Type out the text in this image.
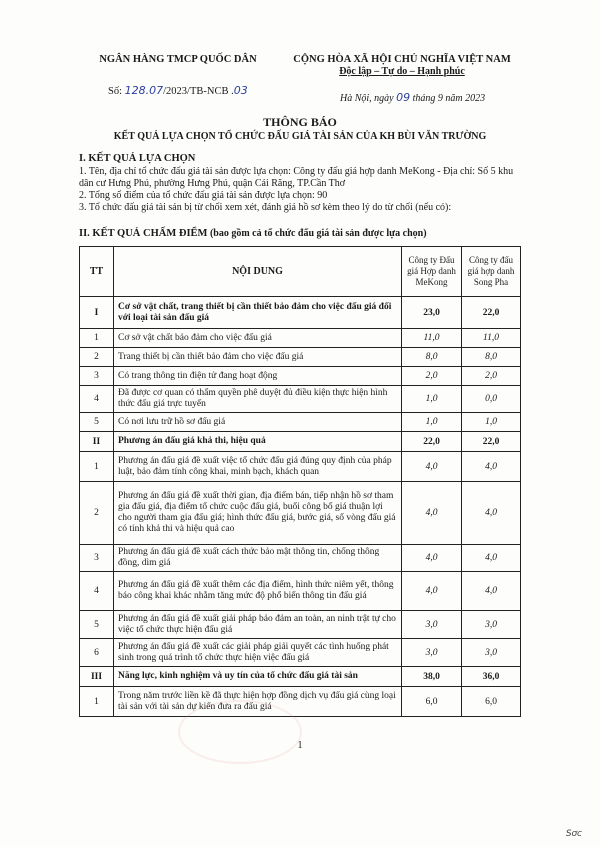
NGÂN HÀNG TMCP QUỐC DÂN
Số: 128.07/2023/TB-NCB .03
CỘNG HÒA XÃ HỘI CHỦ NGHĨA VIỆT NAM
Độc lập – Tự do – Hạnh phúc
Hà Nội, ngày 09 tháng 9 năm 2023
THÔNG BÁO
KẾT QUẢ LỰA CHỌN TỔ CHỨC ĐẤU GIÁ TÀI SẢN CỦA KH BÙI VĂN TRƯỜNG
I. KẾT QUẢ LỰA CHỌN

1. Tên, địa chỉ tổ chức đấu giá tài sản được lựa chọn: Công ty đấu giá hợp danh MeKong - Địa chỉ: Số 5 khu dân cư Hưng Phú, phường Hưng Phú, quận Cái Răng, TP.Cần Thơ

2. Tổng số điểm của tổ chức đấu giá tài sản được lựa chọn: 90

3. Tổ chức đấu giá tài sản bị từ chối xem xét, đánh giá hồ sơ kèm theo lý do từ chối (nếu có):

II. KẾT QUẢ CHẤM ĐIỂM (bao gồm cả tổ chức đấu giá tài sản được lựa chọn)
TT	NỘI DUNG	Công ty Đấu giá Hợp danh MeKong	Công ty đấu giá hợp danh Song Pha
I	Cơ sở vật chất, trang thiết bị cần thiết bảo đảm cho việc đấu giá đối với loại tài sản đấu giá	23,0	22,0
1	Cơ sở vật chất bảo đảm cho việc đấu giá	11,0	11,0
2	Trang thiết bị cần thiết bảo đảm cho việc đấu giá	8,0	8,0
3	Có trang thông tin điện tử đang hoạt động	2,0	2,0
4	Đã được cơ quan có thẩm quyền phê duyệt đủ điều kiện thực hiện hình thức đấu giá trực tuyến	1,0	0,0
5	Có nơi lưu trữ hồ sơ đấu giá	1,0	1,0
II	Phương án đấu giá khả thi, hiệu quả	22,0	22,0
1	Phương án đấu giá đề xuất việc tổ chức đấu giá đúng quy định của pháp luật, bảo đảm tính công khai, minh bạch, khách quan	4,0	4,0
2	Phương án đấu giá đề xuất thời gian, địa điểm bán, tiếp nhận hồ sơ tham gia đấu giá, địa điểm tổ chức cuộc đấu giá, buổi công bố giá thuận lợi cho người tham gia đấu giá; hình thức đấu giá, bước giá, số vòng đấu giá có tính khả thi và hiệu quả cao	4,0	4,0
3	Phương án đấu giá đề xuất cách thức bảo mật thông tin, chống thông đồng, dìm giá	4,0	4,0
4	Phương án đấu giá đề xuất thêm các địa điểm, hình thức niêm yết, thông báo công khai khác nhằm tăng mức độ phổ biến thông tin đấu giá	4,0	4,0
5	Phương án đấu giá đề xuất giải pháp bảo đảm an toàn, an ninh trật tự cho việc tổ chức thực hiện đấu giá	3,0	3,0
6	Phương án đấu giá đề xuất các giải pháp giải quyết các tình huống phát sinh trong quá trình tổ chức thực hiện việc đấu giá	3,0	3,0
III	Năng lực, kinh nghiệm và uy tín của tổ chức đấu giá tài sản	38,0	36,0
1	Trong năm trước liền kề đã thực hiện hợp đồng dịch vụ đấu giá cùng loại tài sản với tài sản dự kiến đưa ra đấu giá	6,0	6,0
1
Sơc
